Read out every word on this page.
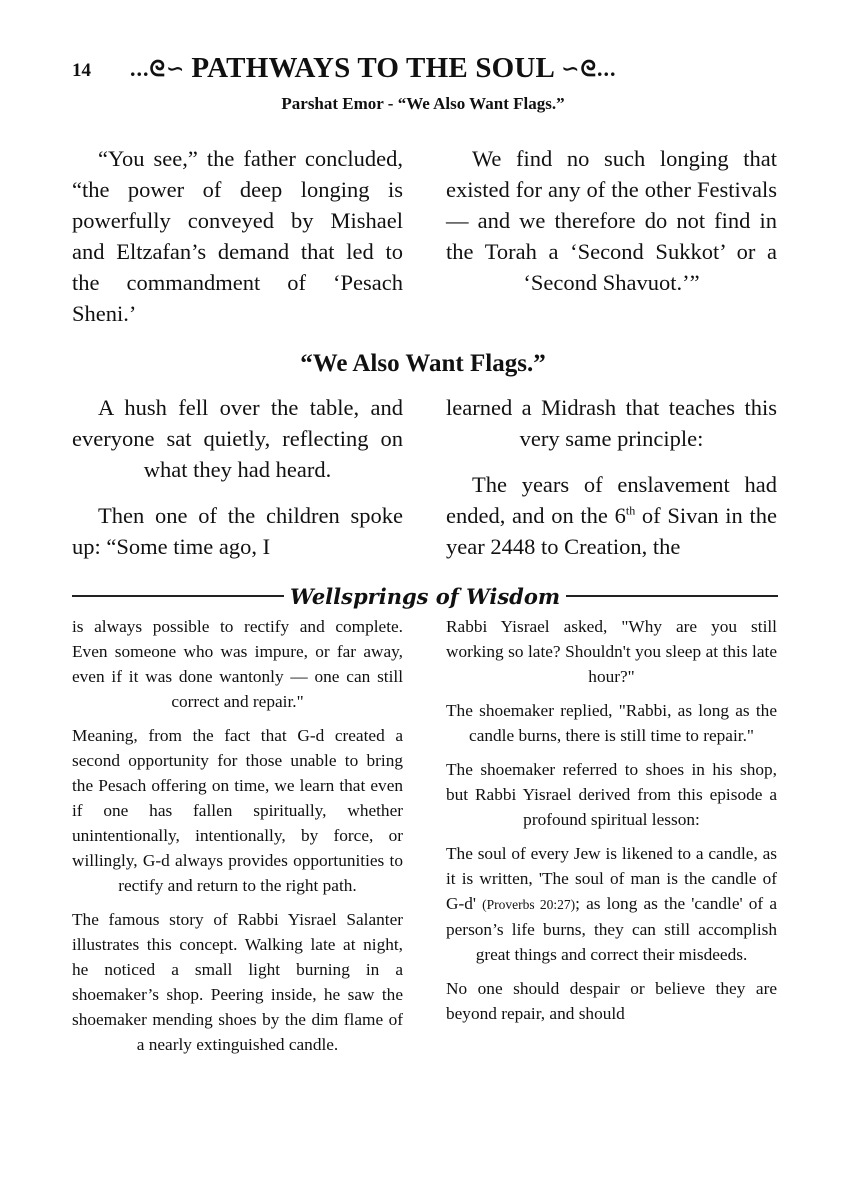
14 ...ᘓ∽ PATHWAYS TO THE SOUL ∽ᘓ...
Parshat Emor - “We Also Want Flags.”

“You see,” the father concluded, “the power of deep longing is powerfully conveyed by Mishael and Eltzafan’s demand that led to the commandment of ‘Pesach Sheni.’

We find no such longing that existed for any of the other Festivals — and we therefore do not find in the Torah a ‘Second Sukkot’ or a ‘Second Shavuot.’”

“We Also Want Flags.”

A hush fell over the table, and everyone sat quietly, reflecting on what they had heard.

Then one of the children spoke up: “Some time ago, I

learned a Midrash that teaches this very same principle:

The years of enslavement had ended, and on the 6th of Sivan in the year 2448 to Creation, the

Wellsprings of Wisdom

is always possible to rectify and complete. Even someone who was impure, or far away, even if it was done wantonly — one can still correct and repair."

Meaning, from the fact that G-d created a second opportunity for those unable to bring the Pesach offering on time, we learn that even if one has fallen spiritually, whether unintentionally, intentionally, by force, or willingly, G-d always provides opportunities to rectify and return to the right path.

The famous story of Rabbi Yisrael Salanter illustrates this concept. Walking late at night, he noticed a small light burning in a shoemaker’s shop. Peering inside, he saw the shoemaker mending shoes by the dim flame of a nearly extinguished candle.

Rabbi Yisrael asked, "Why are you still working so late? Shouldn't you sleep at this late hour?"

The shoemaker replied, "Rabbi, as long as the candle burns, there is still time to repair."

The shoemaker referred to shoes in his shop, but Rabbi Yisrael derived from this episode a profound spiritual lesson:

The soul of every Jew is likened to a candle, as it is written, 'The soul of man is the candle of G-d' (Proverbs 20:27); as long as the 'candle' of a person’s life burns, they can still accomplish great things and correct their misdeeds.

No one should despair or believe they are beyond repair, and should
